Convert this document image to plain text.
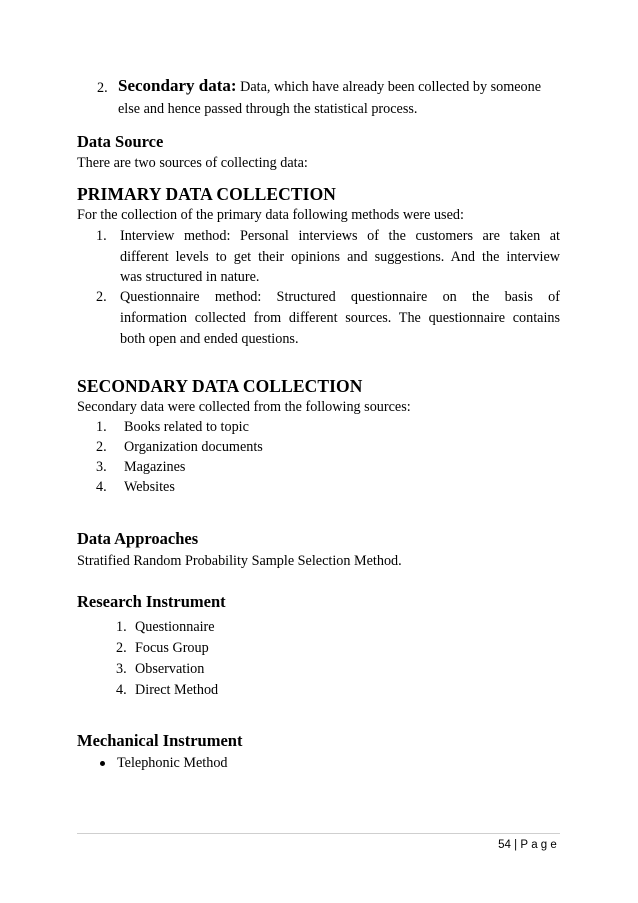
2. Secondary data: Data, which have already been collected by someone
else and hence passed through the statistical process.
Data Source
There are two sources of collecting data:
PRIMARY DATA COLLECTION
For the collection of the primary data following methods were used:
1. Interview method: Personal interviews of the customers are taken at
different levels to get their opinions and suggestions. And the interview
was structured in nature.
2. Questionnaire method: Structured questionnaire on the basis of
information collected from different sources. The questionnaire contains
both open and ended questions.
SECONDARY DATA COLLECTION
Secondary data were collected from the following sources:
1. Books related to topic
2. Organization documents
3. Magazines
4. Websites
Data Approaches
Stratified Random Probability Sample Selection Method.
Research Instrument
1. Questionnaire
2. Focus Group
3. Observation
4. Direct Method
Mechanical Instrument
Telephonic Method
54 | Page
